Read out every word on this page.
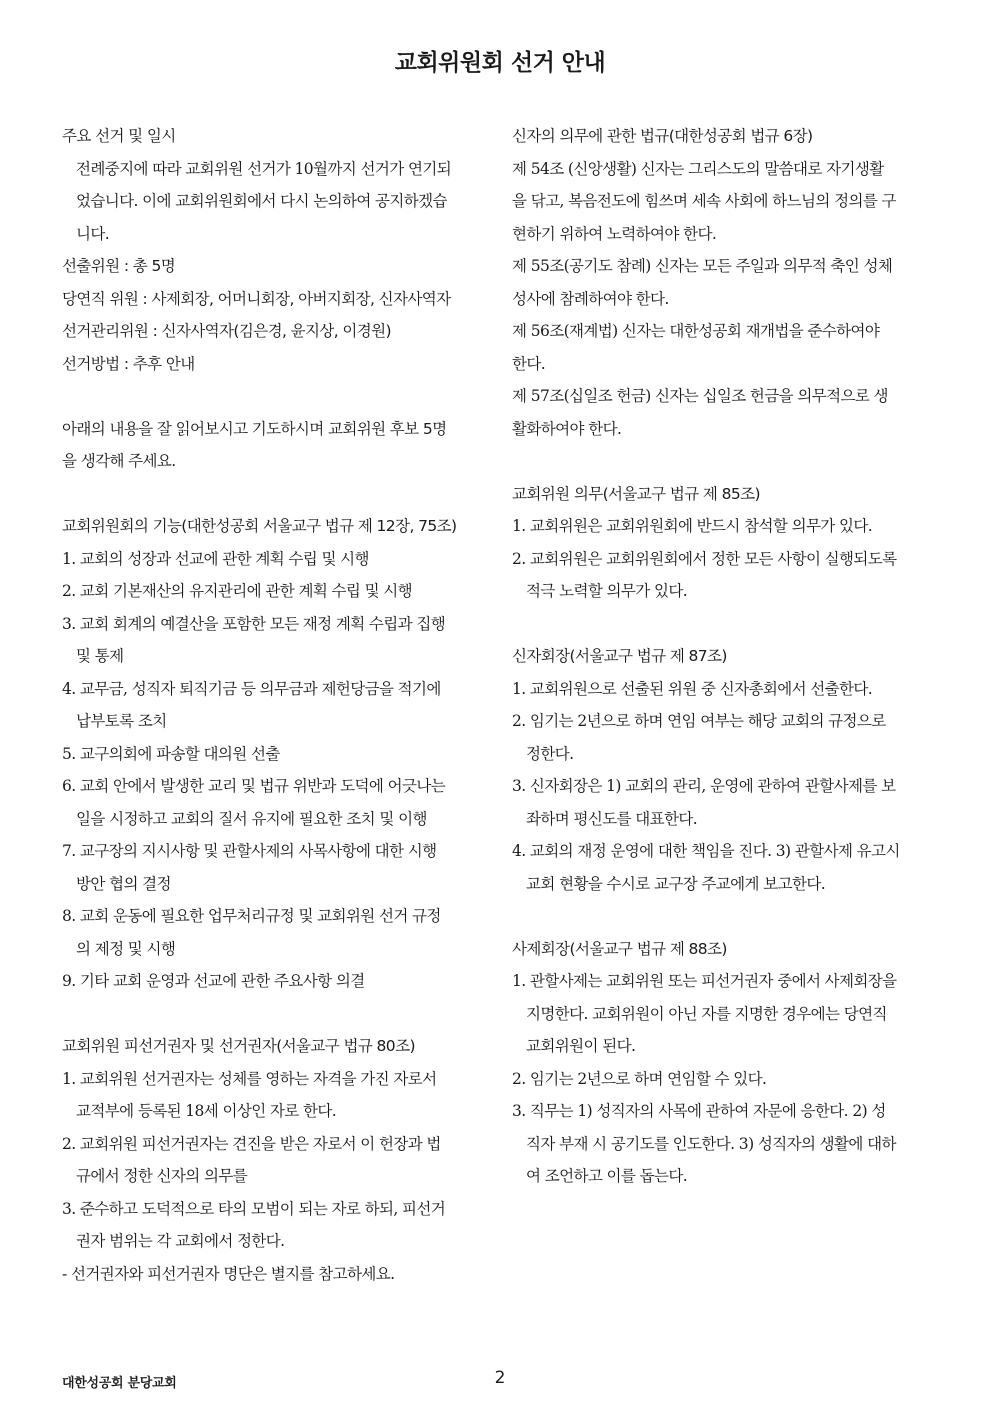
교회위원회 선거 안내
주요 선거 및 일시
전례중지에 따라 교회위원 선거가 10월까지 선거가 연기되
었습니다. 이에 교회위원회에서 다시 논의하여 공지하겠습
니다.
선출위원 : 총 5명
당연직 위원 : 사제회장, 어머니회장, 아버지회장, 신자사역자
선거관리위원 : 신자사역자(김은경, 윤지상, 이경원)
선거방법 : 추후 안내
아래의 내용을 잘 읽어보시고 기도하시며 교회위원 후보 5명
을 생각해 주세요.
교회위원회의 기능(대한성공회 서울교구 법규 제 12장, 75조)
1. 교회의 성장과 선교에 관한 계획 수립 및 시행
2. 교회 기본재산의 유지관리에 관한 계획 수립 및 시행
3. 교회 회계의 예결산을 포함한 모든 재정 계획 수립과 집행
및 통제
4. 교무금, 성직자 퇴직기금 등 의무금과 제헌당금을 적기에
납부토록 조치
5. 교구의회에 파송할 대의원 선출
6. 교회 안에서 발생한 교리 및 법규 위반과 도덕에 어긋나는
일을 시정하고 교회의 질서 유지에 필요한 조치 및 이행
7. 교구장의 지시사항 및 관할사제의 사목사항에 대한 시행
방안 협의 결정
8. 교회 운동에 필요한 업무처리규정 및 교회위원 선거 규정
의 제정 및 시행
9. 기타 교회 운영과 선교에 관한 주요사항 의결
교회위원 피선거권자 및 선거권자(서울교구 법규 80조)
1. 교회위원 선거권자는 성체를 영하는 자격을 가진 자로서
교적부에 등록된 18세 이상인 자로 한다.
2. 교회위원 피선거권자는 견진을 받은 자로서 이 헌장과 법
규에서 정한 신자의 의무를
3. 준수하고 도덕적으로 타의 모범이 되는 자로 하되, 피선거
권자 범위는 각 교회에서 정한다.
- 선거권자와 피선거권자 명단은 별지를 참고하세요.
신자의 의무에 관한 법규(대한성공회 법규 6장)
제 54조 (신앙생활) 신자는 그리스도의 말씀대로 자기생활
을 닦고, 복음전도에 힘쓰며 세속 사회에 하느님의 정의를 구
현하기 위하여 노력하여야 한다.
제 55조(공기도 참례) 신자는 모든 주일과 의무적 축인 성체
성사에 참례하여야 한다.
제 56조(재계법) 신자는 대한성공회 재개법을 준수하여야
한다.
제 57조(십일조 헌금) 신자는 십일조 헌금을 의무적으로 생
활화하여야 한다.
교회위원 의무(서울교구 법규 제 85조)
1. 교회위원은 교회위원회에 반드시 참석할 의무가 있다.
2. 교회위원은 교회위원회에서 정한 모든 사항이 실행되도록
적극 노력할 의무가 있다.
신자회장(서울교구 법규 제 87조)
1. 교회위원으로 선출된 위원 중 신자총회에서 선출한다.
2. 임기는 2년으로 하며 연임 여부는 해당 교회의 규정으로
정한다.
3. 신자회장은 1) 교회의 관리, 운영에 관하여 관할사제를 보
좌하며 평신도를 대표한다.
4. 교회의 재정 운영에 대한 책임을 진다. 3) 관할사제 유고시
교회 현황을 수시로 교구장 주교에게 보고한다.
사제회장(서울교구 법규 제 88조)
1. 관할사제는 교회위원 또는 피선거권자 중에서 사제회장을
지명한다. 교회위원이 아닌 자를 지명한 경우에는 당연직
교회위원이 된다.
2. 임기는 2년으로 하며 연임할 수 있다.
3. 직무는 1) 성직자의 사목에 관하여 자문에 응한다. 2) 성
직자 부재 시 공기도를 인도한다. 3) 성직자의 생활에 대하
여 조언하고 이를 돕는다.
대한성공회 분당교회	2
